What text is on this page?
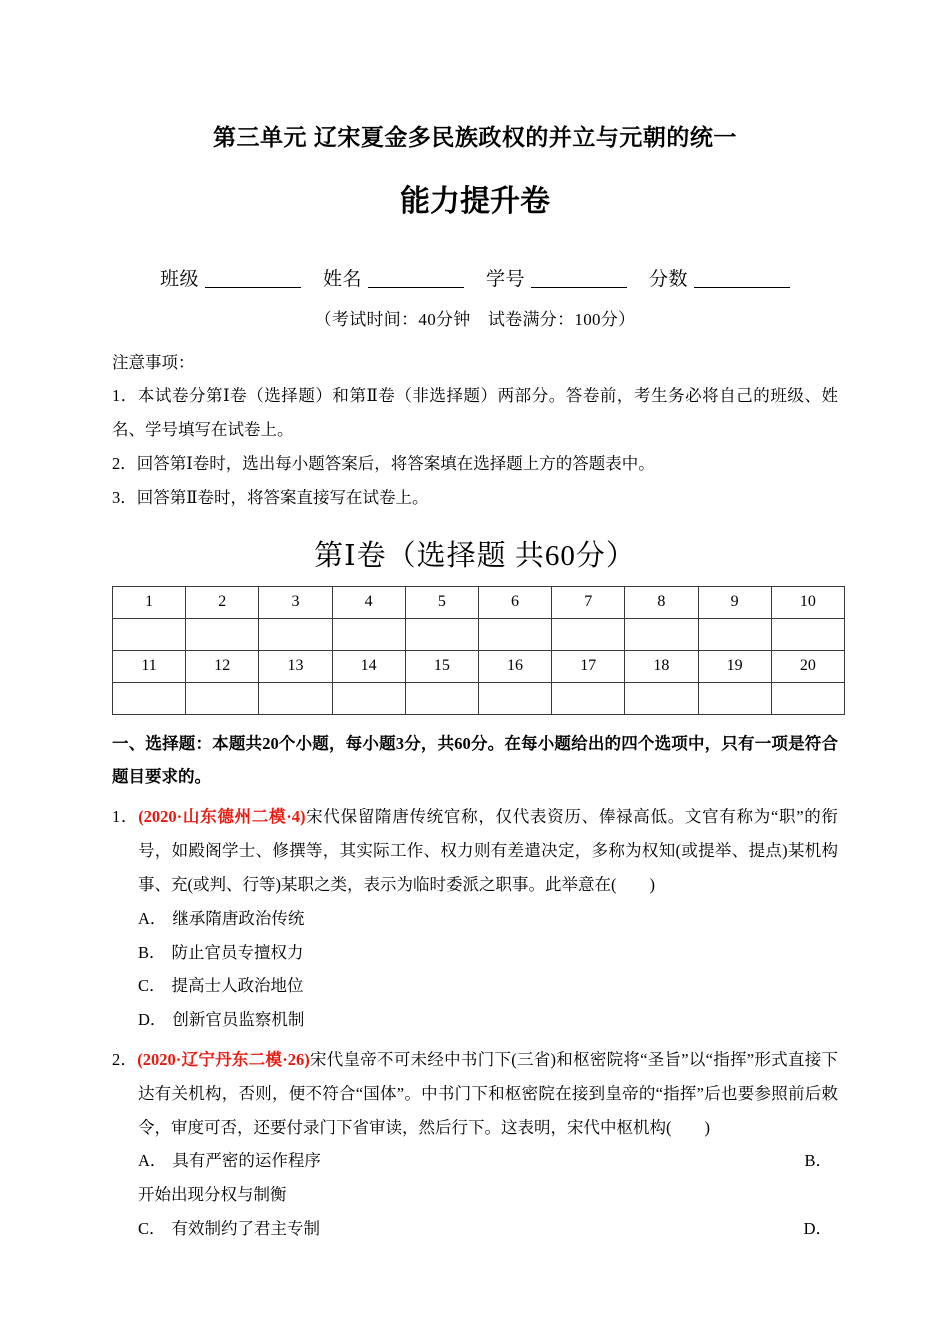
第三单元 辽宋夏金多民族政权的并立与元朝的统一
能力提升卷
班级	姓名	学号	分数
（考试时间：40分钟　试卷满分：100分）

注意事项：

1．本试卷分第Ⅰ卷（选择题）和第Ⅱ卷（非选择题）两部分。答卷前，考生务必将自己的班级、姓名、学号填写在试卷上。

2．回答第Ⅰ卷时，选出每小题答案后，将答案填在选择题上方的答题表中。

3．回答第Ⅱ卷时，将答案直接写在试卷上。

第Ⅰ卷（选择题 共60分）
1	2	3	4	5	6	7	8	9	10

11	12	13	14	15	16	17	18	19	20

一、选择题：本题共20个小题，每小题3分，共60分。在每小题给出的四个选项中，只有一项是符合题目要求的。
1．(2020·山东德州二模·4)宋代保留隋唐传统官称，仅代表资历、俸禄高低。文官有称为“职”的衔号，如殿阁学士、修撰等，其实际工作、权力则有差遣决定，多称为权知(或提举、提点)某机构事、充(或判、行等)某职之类，表示为临时委派之职事。此举意在(　　)
A． 继承隋唐政治传统
B． 防止官员专擅权力
C． 提高士人政治地位
D． 创新官员监察机制
2．(2020·辽宁丹东二模·26)宋代皇帝不可未经中书门下(三省)和枢密院将“圣旨”以“指挥”形式直接下达有关机构，否则，便不符合“国体”。中书门下和枢密院在接到皇帝的“指挥”后也要参照前后敕令，审度可否，还要付录门下省审读，然后行下。这表明，宋代中枢机构(　　)
A． 具有严密的运作程序	B．
开始出现分权与制衡
C． 有效制约了君主专制	D．
